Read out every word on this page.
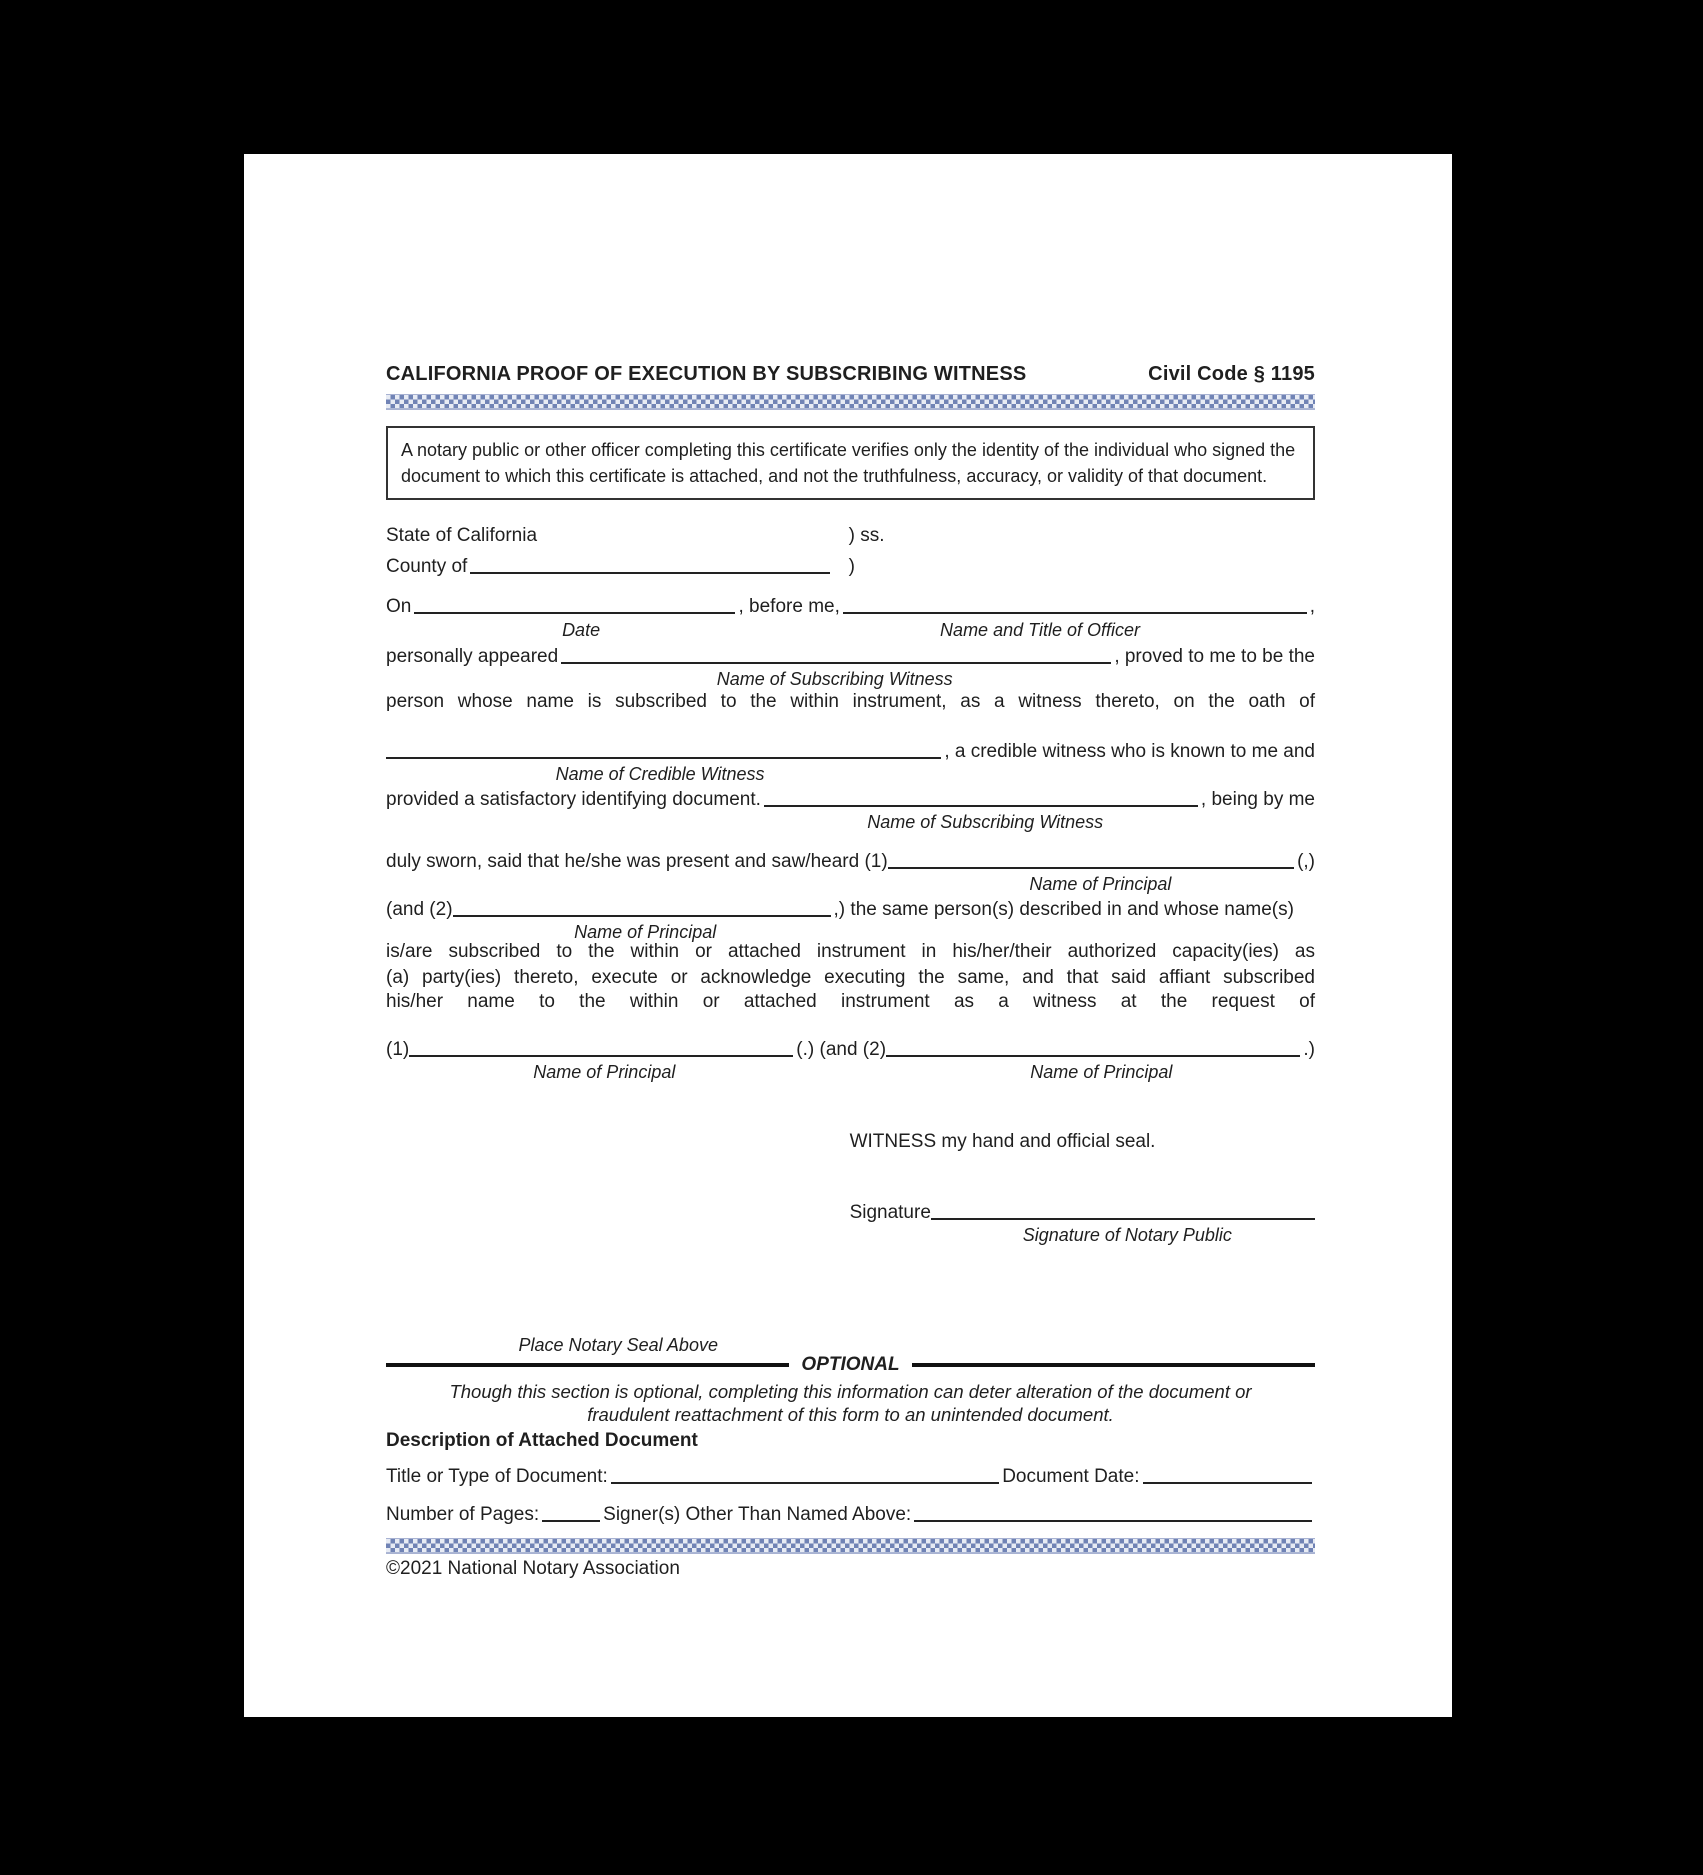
CALIFORNIA PROOF OF EXECUTION BY SUBSCRIBING WITNESS	Civil Code § 1195
A notary public or other officer completing this certificate verifies only the identity of the individual who signed the document to which this certificate is attached, and not the truthfulness, accuracy, or validity of that document.
State of California	) ss.
County of	)
On	, before me,	,
Date	Name and Title of Officer
personally appeared	, proved to me to be the
Name of Subscribing Witness
person whose name is subscribed to the within instrument, as a witness thereto, on the oath of
, a credible witness who is known to me and
Name of Credible Witness
provided a satisfactory identifying document.	, being by me
Name of Subscribing Witness
duly sworn, said that he/she was present and saw/heard (1)	(,)
Name of Principal
(and (2)	,) the same person(s) described in and whose name(s)
Name of Principal
is/are subscribed to the within or attached instrument in his/her/their authorized capacity(ies) as
(a) party(ies) thereto, execute or acknowledge executing the same, and that said affiant subscribed
his/her name to the within or attached instrument as a witness at the request of
(1)	(.) (and (2)	.)
Name of Principal	Name of Principal
WITNESS my hand and official seal.
Signature
Signature of Notary Public
Place Notary Seal Above
OPTIONAL
Though this section is optional, completing this information can deter alteration of the document or
fraudulent reattachment of this form to an unintended document.
Description of Attached Document
Title or Type of Document:	Document Date:
Number of Pages:	Signer(s) Other Than Named Above:
©2021 National Notary Association
